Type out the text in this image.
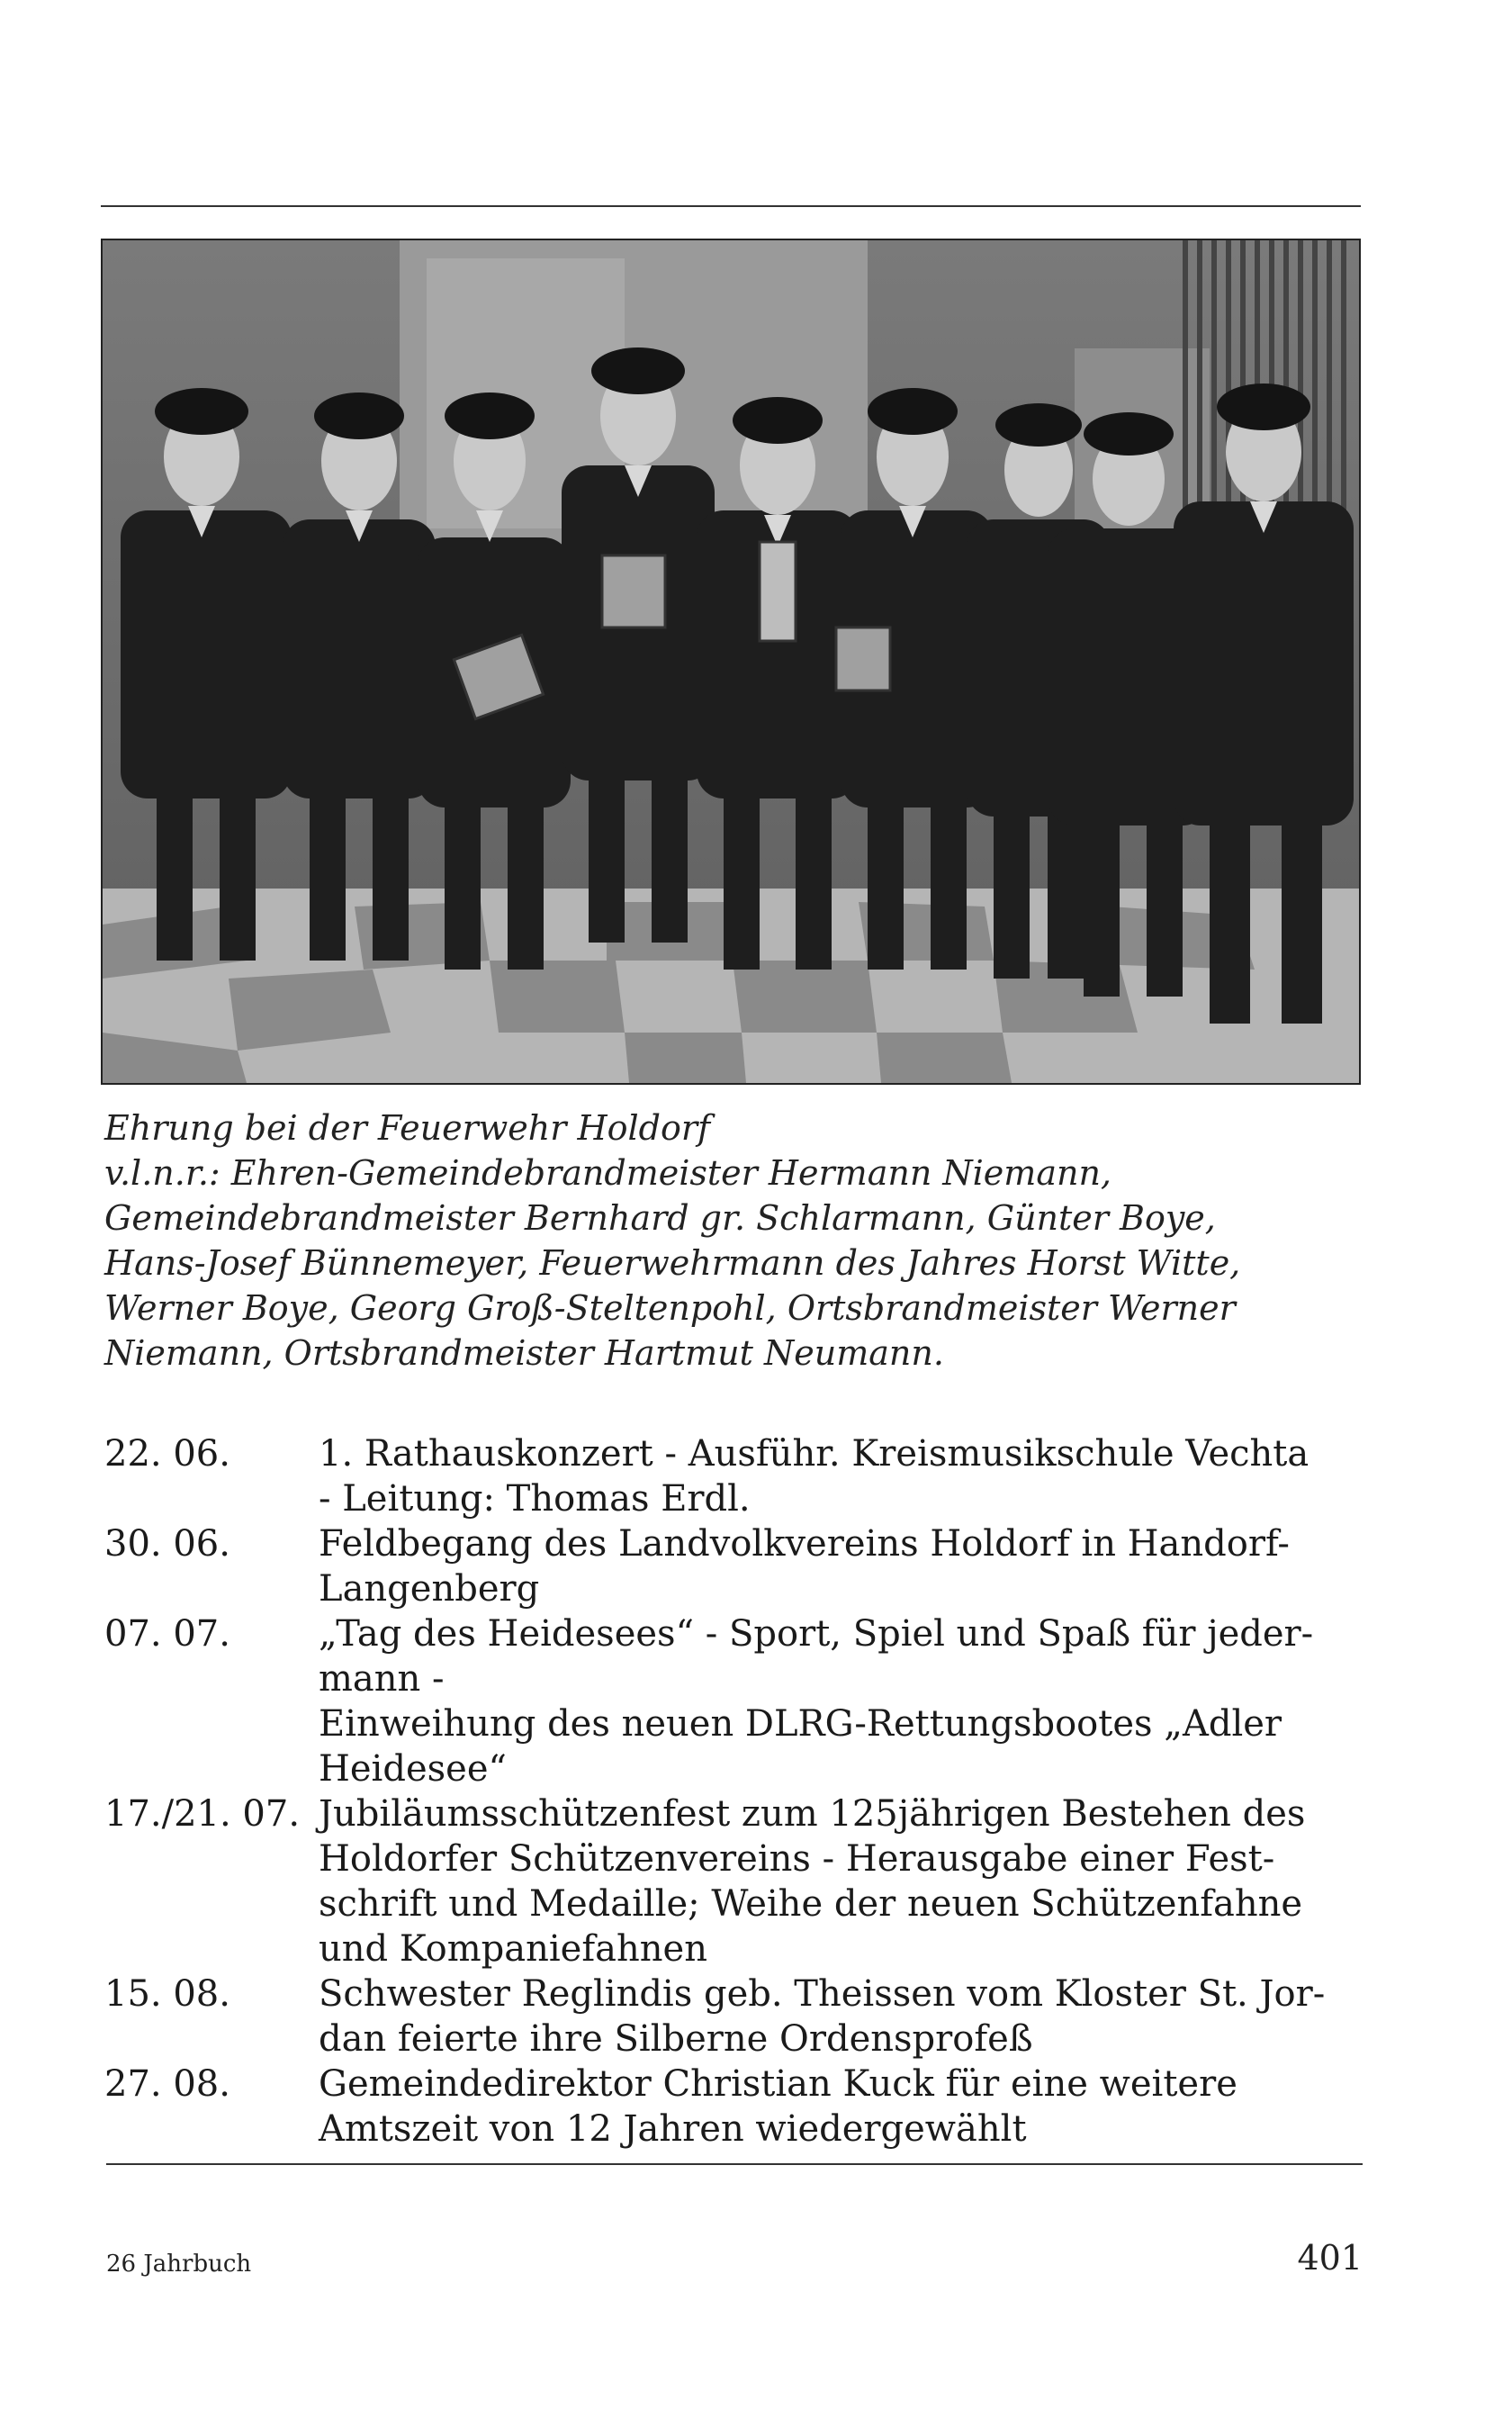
Ehrung bei der Feuerwehr Holdorf
v.l.n.r.: Ehren-Gemeindebrandmeister Hermann Niemann,
Gemeindebrandmeister Bernhard gr. Schlarmann, Günter Boye,
Hans-Josef Bünnemeyer, Feuerwehrmann des Jahres Horst Witte,
Werner Boye, Georg Groß-Steltenpohl, Ortsbrandmeister Werner
Niemann, Ortsbrandmeister Hartmut Neumann.
22. 06.	1. Rathauskonzert - Ausführ. Kreismusikschule Vechta
- Leitung: Thomas Erdl.
30. 06.	Feldbegang des Landvolkvereins Holdorf in Handorf-
Langenberg
07. 07.	„Tag des Heidesees“ - Sport, Spiel und Spaß für jeder-
mann -
Einweihung des neuen DLRG-Rettungsbootes „Adler
Heidesee“
17./21. 07. Jubiläumsschützenfest zum 125jährigen Bestehen des
Holdorfer Schützenvereins - Herausgabe einer Fest-
schrift und Medaille; Weihe der neuen Schützenfahne
und Kompaniefahnen
15. 08.	Schwester Reglindis geb. Theissen vom Kloster St. Jor-
dan feierte ihre Silberne Ordensprofeß
27. 08.	Gemeindedirektor Christian Kuck für eine weitere
Amtszeit von 12 Jahren wiedergewählt
26 Jahrbuch	401
